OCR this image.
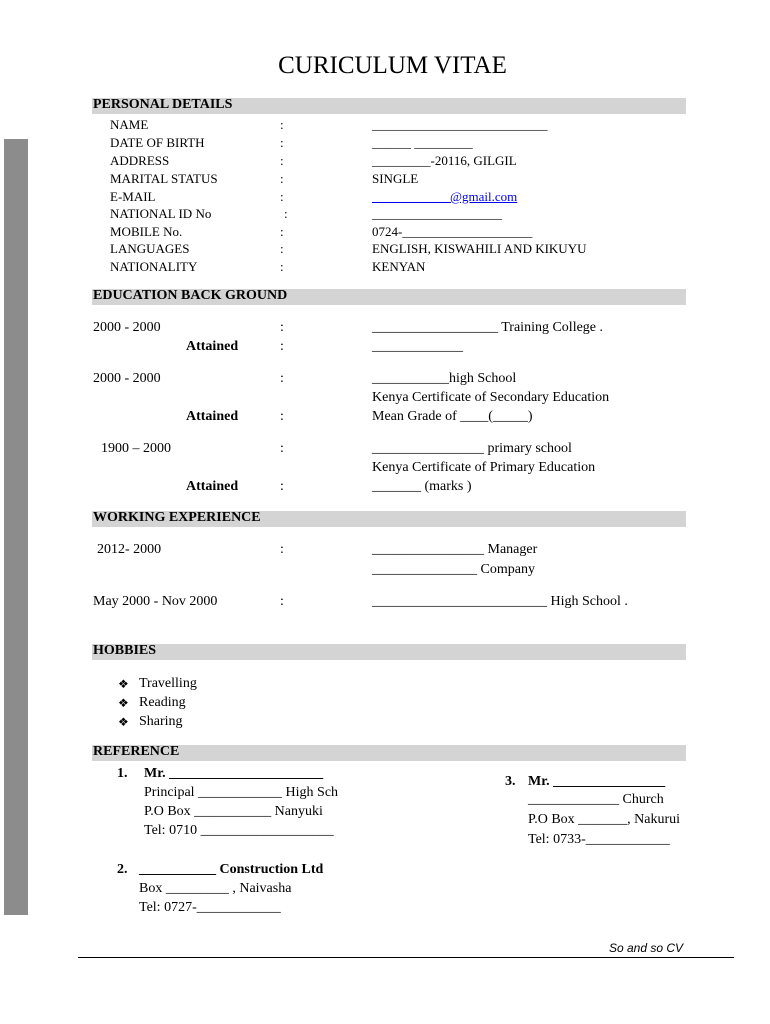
CURICULUM VITAE
PERSONAL DETAILS
NAME	:	___________________________
DATE OF BIRTH	:	______ _________
ADDRESS	:	_________-20116, GILGIL
MARITAL STATUS	:	SINGLE
E-MAIL	:	____________@gmail.com
NATIONAL ID No	:	____________________
MOBILE No.	:	0724-____________________
LANGUAGES	:	ENGLISH, KISWAHILI AND KIKUYU
NATIONALITY	:	KENYAN
EDUCATION BACK GROUND
2000 - 2000	:	__________________ Training College .
Attained	:	_____________
2000 - 2000	:	___________high School
Kenya Certificate of Secondary Education
Attained	:	Mean Grade of ____(_____)
1900 – 2000	:	________________ primary school
Kenya Certificate of Primary Education
Attained	:	_______ (marks )
WORKING EXPERIENCE
2012- 2000	:	________________ Manager
_______________ Company
May 2000 - Nov 2000	:	_________________________ High School .
HOBBIES
❖ Travelling
❖ Reading
❖ Sharing
REFERENCE
1. Mr. ______________________
Principal ____________ High Sch
P.O Box ___________ Nanyuki
Tel: 0710 ___________________
2. ___________ Construction Ltd
Box _________ , Naivasha
Tel: 0727-____________
3. Mr. ________________
_____________ Church
P.O Box _______, Nakurui
Tel: 0733-____________
So and so CV
